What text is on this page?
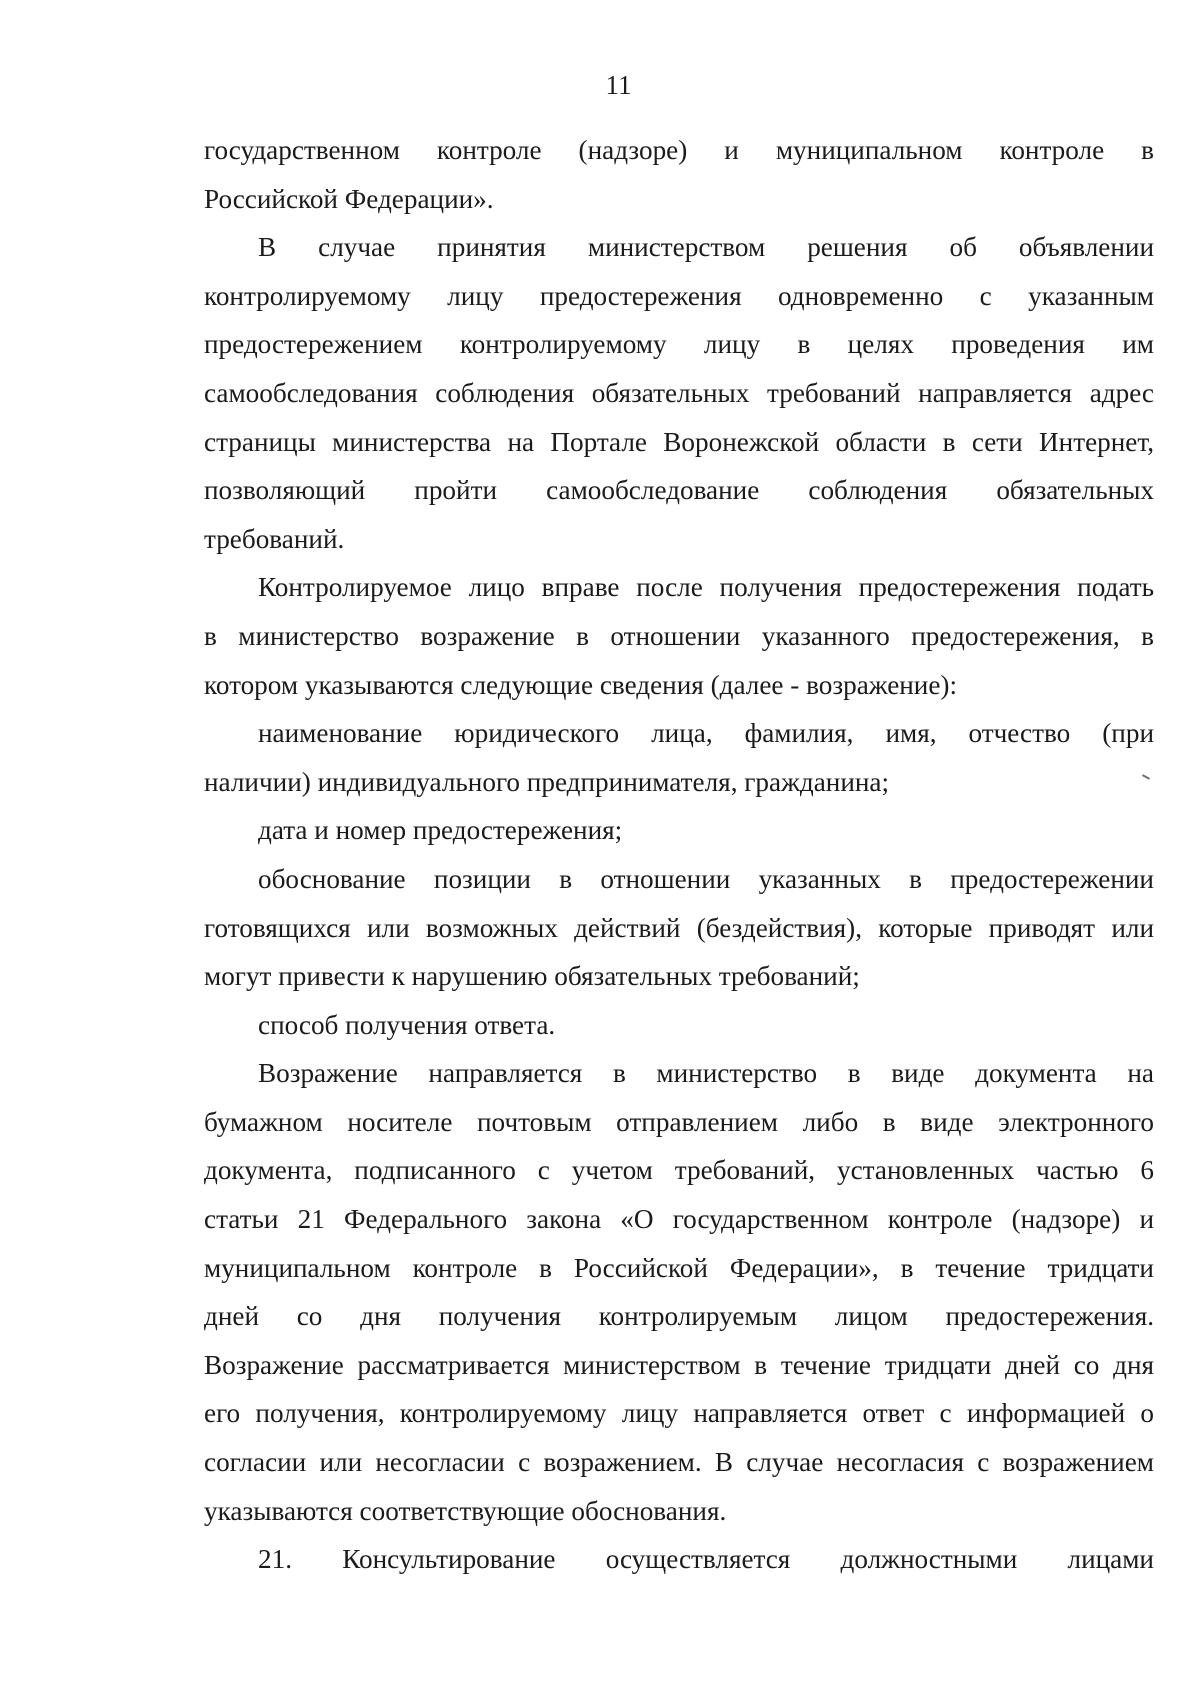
11
государственном контроле (надзоре) и муниципальном контроле в
Российской Федерации».
В случае принятия министерством решения об объявлении
контролируемому лицу предостережения одновременно с указанным
предостережением контролируемому лицу в целях проведения им
самообследования соблюдения обязательных требований направляется адрес
страницы министерства на Портале Воронежской области в сети Интернет,
позволяющий пройти самообследование соблюдения обязательных
требований.
Контролируемое лицо вправе после получения предостережения подать
в министерство возражение в отношении указанного предостережения, в
котором указываются следующие сведения (далее - возражение):
наименование юридического лица, фамилия, имя, отчество (при
наличии) индивидуального предпринимателя, гражданина;
дата и номер предостережения;
обоснование позиции в отношении указанных в предостережении
готовящихся или возможных действий (бездействия), которые приводят или
могут привести к нарушению обязательных требований;
способ получения ответа.
Возражение направляется в министерство в виде документа на
бумажном носителе почтовым отправлением либо в виде электронного
документа, подписанного с учетом требований, установленных частью 6
статьи 21 Федерального закона «О государственном контроле (надзоре) и
муниципальном контроле в Российской Федерации», в течение тридцати
дней со дня получения контролируемым лицом предостережения.
Возражение рассматривается министерством в течение тридцати дней со дня
его получения, контролируемому лицу направляется ответ с информацией о
согласии или несогласии с возражением. В случае несогласия с возражением
указываются соответствующие обоснования.
21. Консультирование осуществляется должностными лицами
